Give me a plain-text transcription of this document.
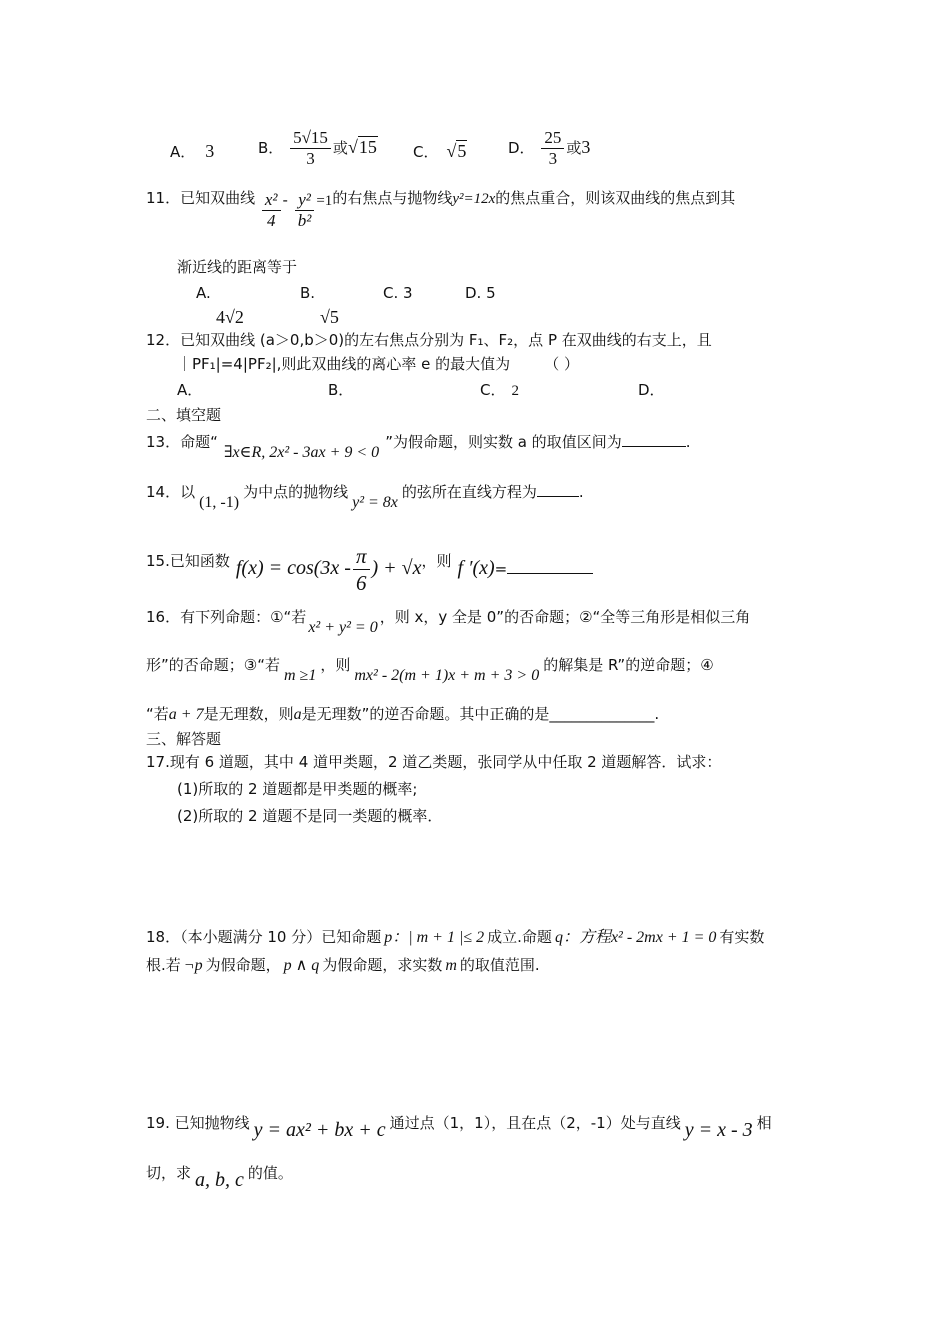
A． 3	B． $\frac{5√15}{3}$ 或√15 C． √5	D． $\frac{25}{3}$ 或3
11．已知双曲线 $\frac{\text{x²}}{4} - \frac{\text{y²}}{\text{b²}} =1$的右焦点与抛物线y²=12x的焦点重合，则该双曲线的焦点到其
渐近线的距离等于
A.
4√2
B.
√5
C. 3	D. 5
12．已知双曲线 (a＞0,b＞0)的左右焦点分别为 F₁、F₂，点 P 在双曲线的右支上，且
｜PF₁|=4|PF₂|,则此双曲线的离心率 e 的最大值为 （ ）
A．	B．	C． 2	D．
二、填空题
13．命题“∃x∈R, 2x² - 3ax + 9 < 0”为假命题，则实数 a 的取值区间为	.
14．以(1, -1)为中点的抛物线y² = 8x的弦所在直线方程为	.
15.已知函数 $f(x) = \cos(3x - \frac{\pi}{6}$ ) + √x，则 f ′(x)=
16．有下列命题：①“若x² + y² = 0，则 x，y 全是 0”的否命题；②“全等三角形是相似三角
形”的否命题；③“若m ≥1，则mx² - 2(m + 1)x + m + 3 > 0的解集是 R”的逆命题；④
“若a + 7是无理数，则a是无理数”的逆否命题。其中正确的是______________.
三、解答题
17.现有 6 道题，其中 4 道甲类题，2 道乙类题，张同学从中任取 2 道题解答．试求：
(1)所取的 2 道题都是甲类题的概率;
(2)所取的 2 道题不是同一类题的概率．
18．（本小题满分 10 分）已知命题 p：| m + 1 |≤ 2 成立.命题 q：方程x² - 2mx + 1 = 0 有实数
根.若 ¬p 为假命题， p ∧ q 为假命题，求实数 m 的取值范围.
19. 已知抛物线 y = ax² + bx + c 通过点（1，1），且在点（2，-1）处与直线 y = x - 3 相
切，求 a, b, c 的值。
